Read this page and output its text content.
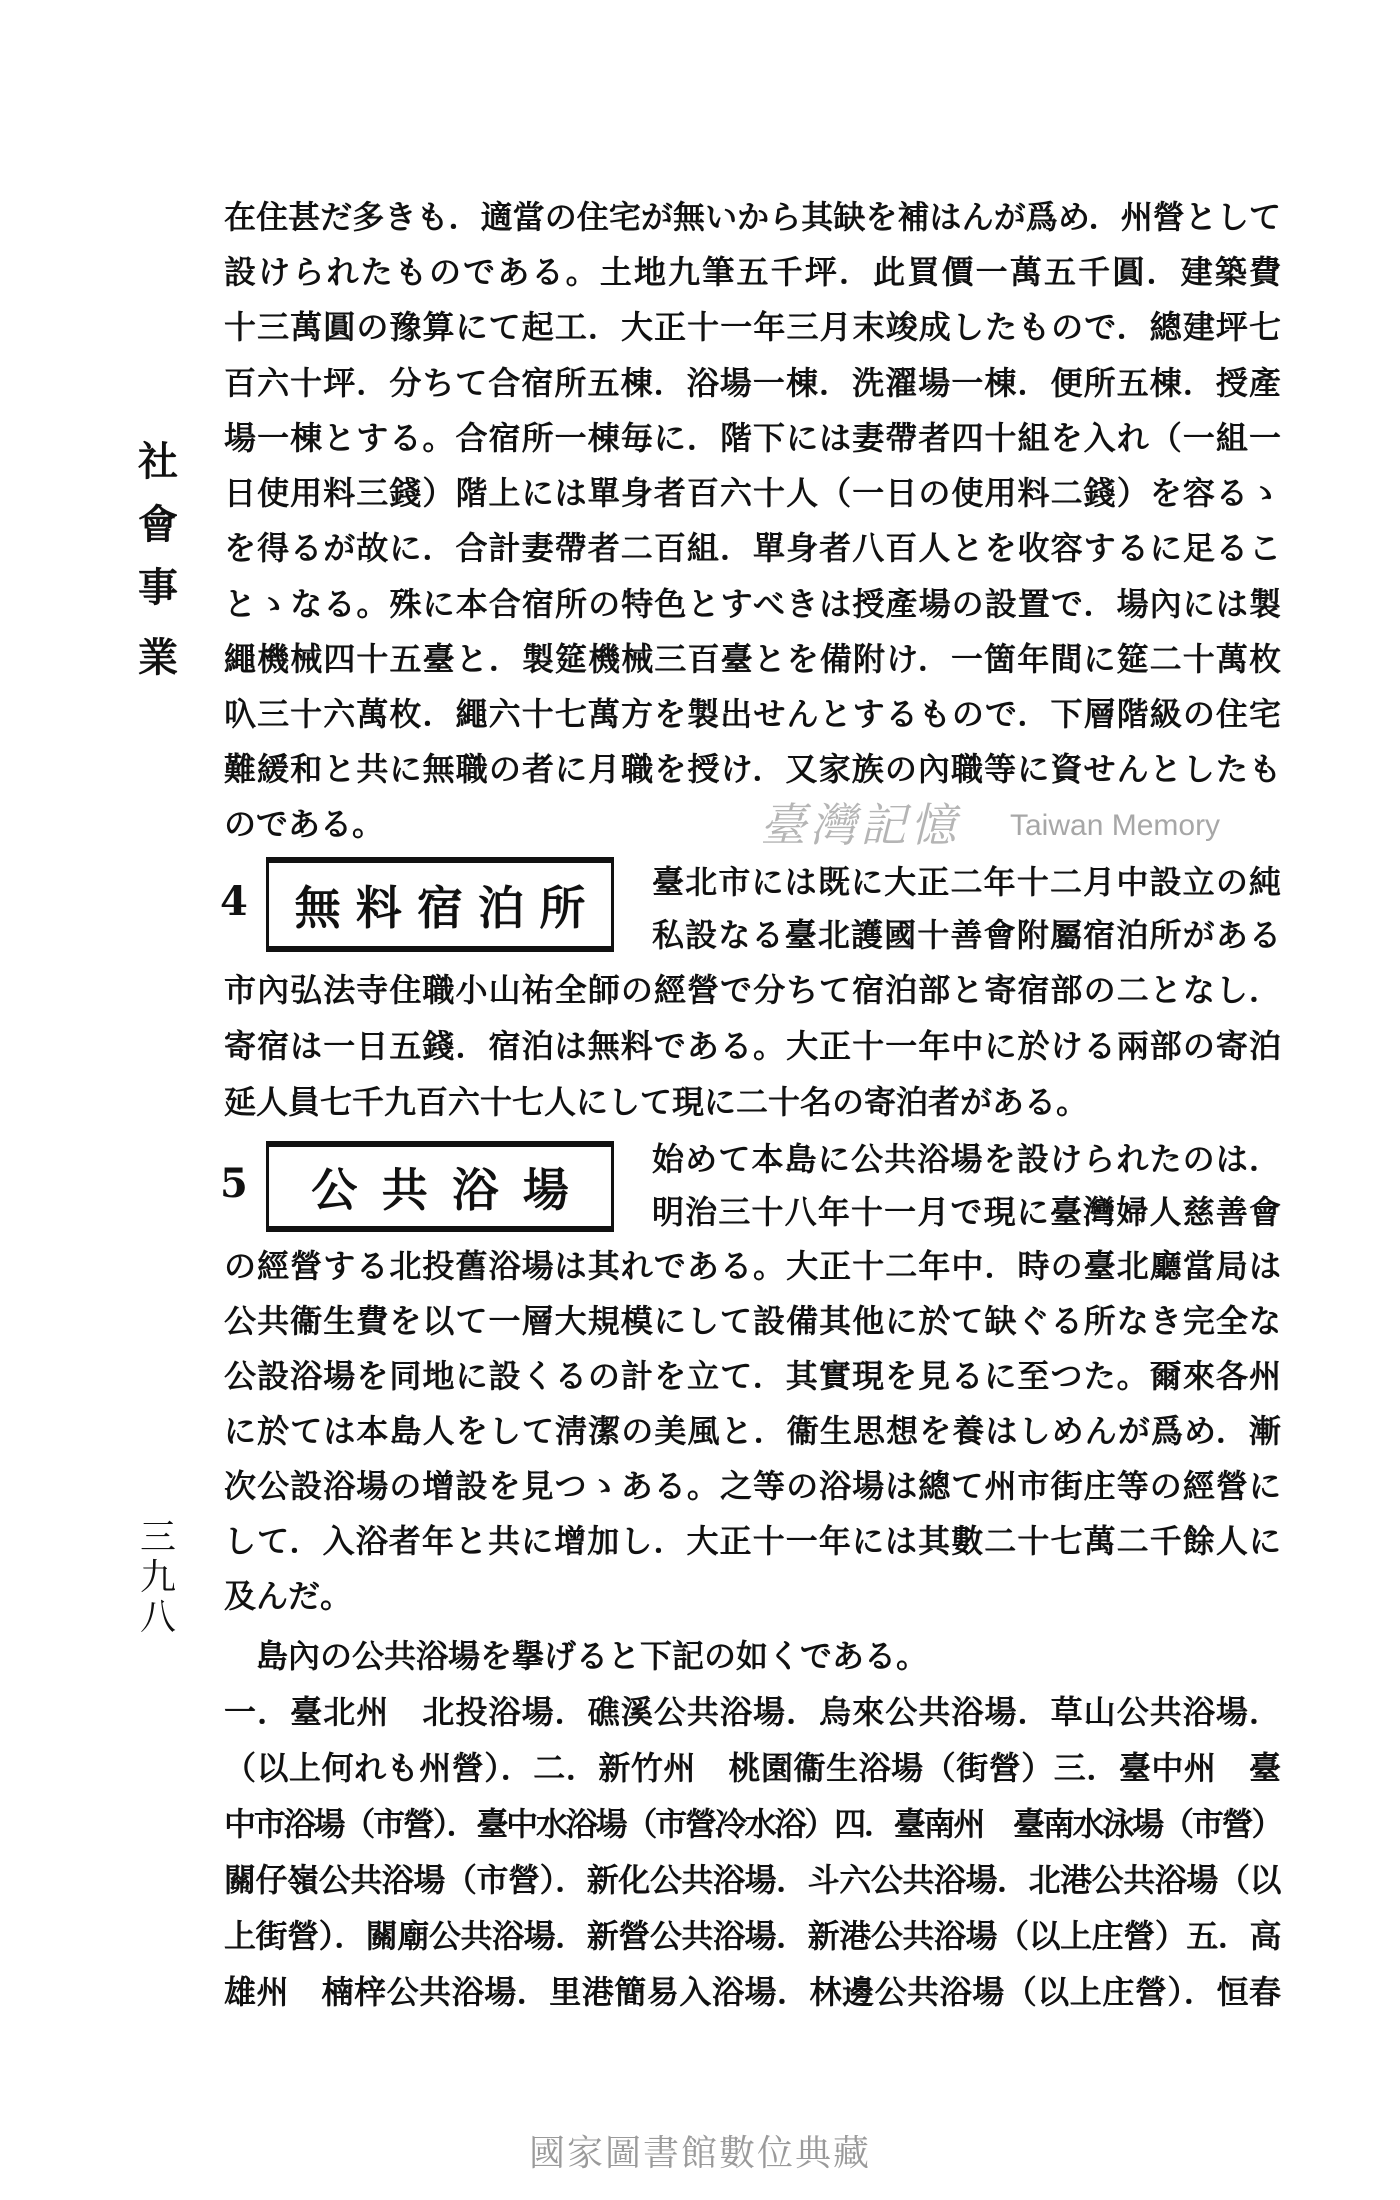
社
會
事
業
三
九
八
在住甚だ多きも．適當の住宅が無いから其缺を補はんが爲め．州營として
設けられたものである。土地九筆五千坪．此買價一萬五千圓．建築費
十三萬圓の豫算にて起工．大正十一年三月末竣成したもので．總建坪七
百六十坪．分ちて合宿所五棟．浴場一棟．洗濯場一棟．便所五棟．授產
場一棟とする。合宿所一棟毎に．階下には妻帶者四十組を入れ（一組一
日使用料三錢）階上には單身者百六十人（一日の使用料二錢）を容るゝ
を得るが故に．合計妻帶者二百組．單身者八百人とを收容するに足るこ
とゝなる。殊に本合宿所の特色とすべきは授產場の設置で．場內には製
繩機械四十五臺と．製筵機械三百臺とを備附け．一箇年間に筵二十萬枚
叺三十六萬枚．繩六十七萬方を製出せんとするもので．下層階級の住宅
難緩和と共に無職の者に月職を授け．又家族の內職等に資せんとしたも
のである。
4 無 料 宿 泊 所 臺北市には既に大正二年十二月中設立の純
私設なる臺北護國十善會附屬宿泊所がある
市內弘法寺住職小山祐全師の經營で分ちて宿泊部と寄宿部の二となし．
寄宿は一日五錢．宿泊は無料である。大正十一年中に於ける兩部の寄泊
延人員七千九百六十七人にして現に二十名の寄泊者がある。
5 公 共 浴 場
始めて本島に公共浴場を設けられたのは．
明治三十八年十一月で現に臺灣婦人慈善會
の經營する北投舊浴場は其れである。大正十二年中．時の臺北廳當局は
公共衞生費を以て一層大規模にして設備其他に於て缺ぐる所なき完全な
公設浴場を同地に設くるの計を立て．其實現を見るに至つた。爾來各州
に於ては本島人をして淸潔の美風と．衞生思想を養はしめんが爲め．漸
次公設浴場の增設を見つゝある。之等の浴場は總て州市街庄等の經營に
して．入浴者年と共に增加し．大正十一年には其數二十七萬二千餘人に
及んだ。
島內の公共浴場を擧げると下記の如くである。
一．臺北州　北投浴場．礁溪公共浴場．烏來公共浴場．草山公共浴場．
（以上何れも州營）．二．新竹州　桃園衞生浴場（街營）三．臺中州　臺
中市浴場（市營）．臺中水浴場（市營冷水浴）四．臺南州　臺南水泳場（市營）
關仔嶺公共浴場（市營）．新化公共浴場．斗六公共浴場．北港公共浴場（以
上街營）．關廟公共浴場．新營公共浴場．新港公共浴場（以上庄營）五．高
雄州　楠梓公共浴場．里港簡易入浴場．林邊公共浴場（以上庄營）．恒春
臺灣記憶 Taiwan Memory
國家圖書館數位典藏
